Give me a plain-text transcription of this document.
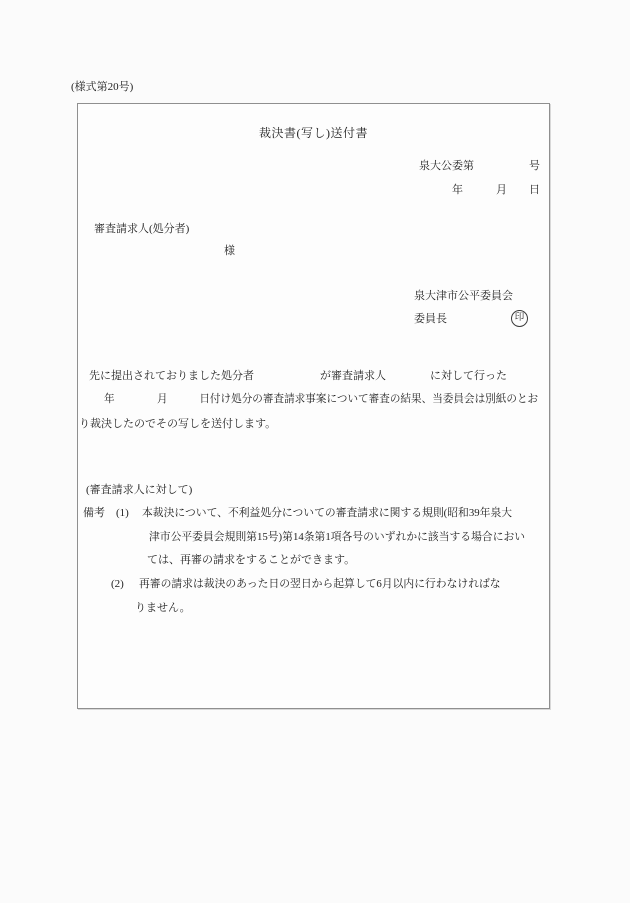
(様式第20号)

裁決書(写し)送付書

泉大公委第　　　　　号

年　　　月　　日

審査請求人(処分者)

様

泉大津市公平委員会

委員長

	印

先に提出されておりました処分者　　　　　　が審査請求人　　　　に対して行った

年　　　　月　　　日付け処分の審査請求事案について審査の結果、当委員会は別紙のとお

り裁決したのでその写しを送付します。

(審査請求人に対して)

備考

(1)

本裁決について、不利益処分についての審査請求に関する規則(昭和39年泉大

津市公平委員会規則第15号)第14条第1項各号のいずれかに該当する場合におい

ては、再審の請求をすることができます。

(2)

再審の請求は裁決のあった日の翌日から起算して6月以内に行わなければな

りません。
